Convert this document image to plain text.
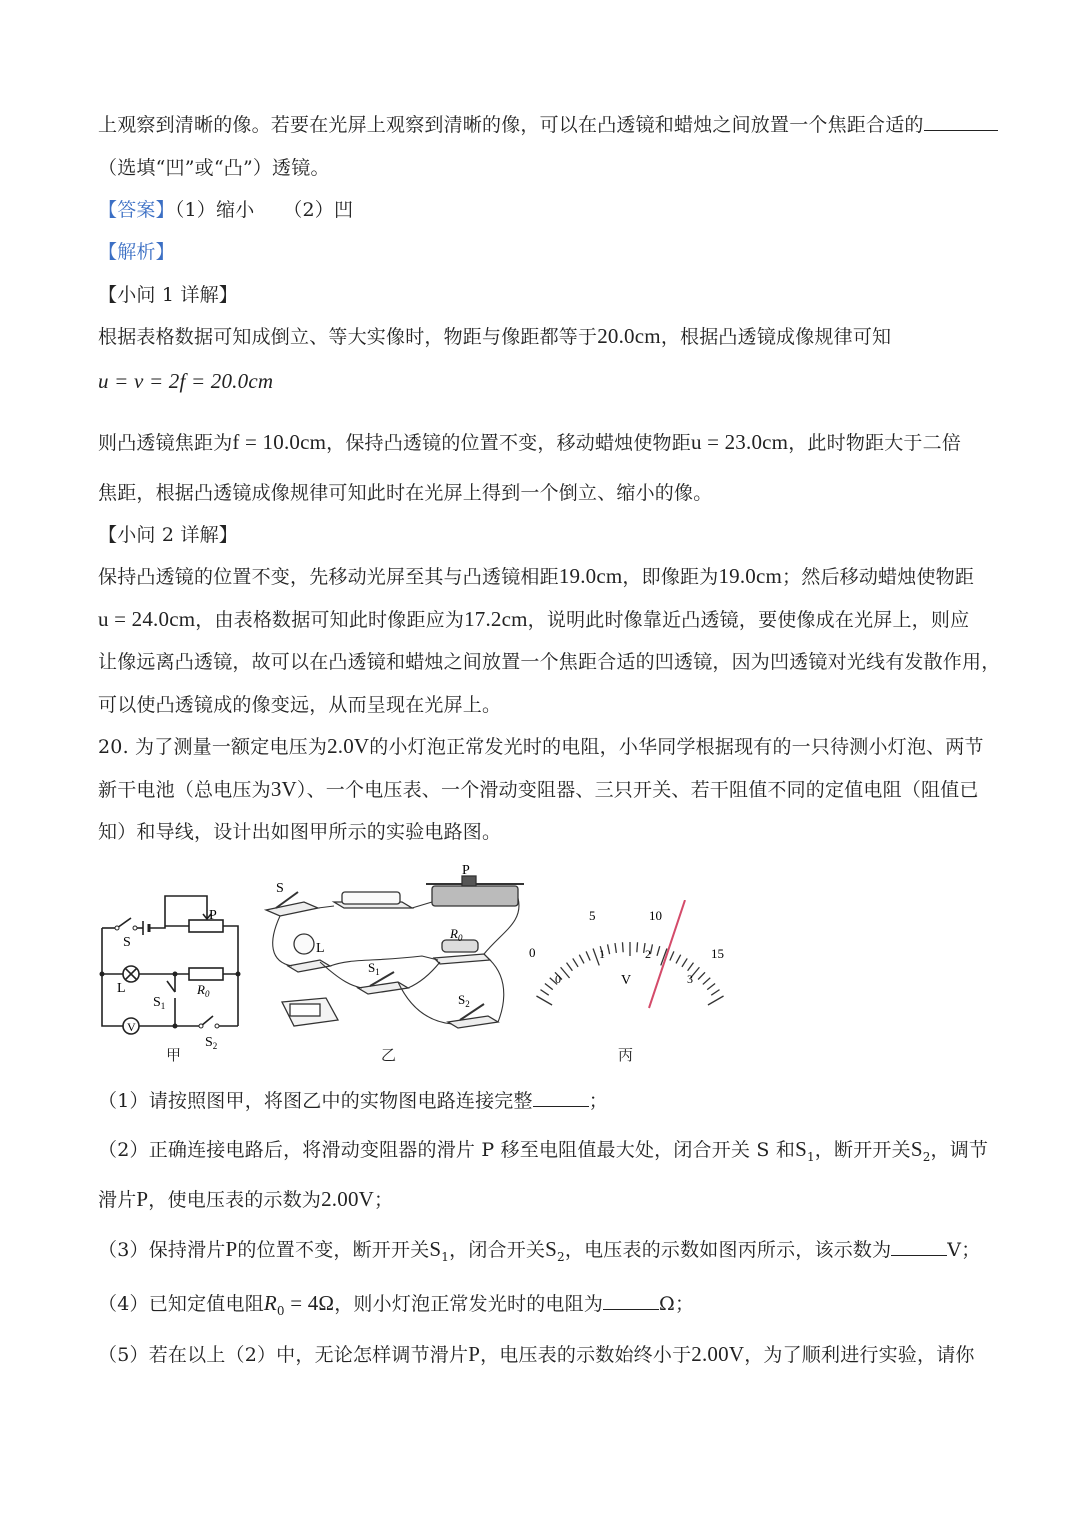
上观察到清晰的像。若要在光屏上观察到清晰的像，可以在凸透镜和蜡烛之间放置一个焦距合适的
（选填“凹”或“凸”）透镜。
【答案】（1）缩小　　（2）凹
【解析】
【小问 1 详解】
根据表格数据可知成倒立、等大实像时，物距与像距都等于20.0cm，根据凸透镜成像规律可知
u = v = 2f = 20.0cm
则凸透镜焦距为f = 10.0cm，保持凸透镜的位置不变，移动蜡烛使物距u = 23.0cm，此时物距大于二倍
焦距，根据凸透镜成像规律可知此时在光屏上得到一个倒立、缩小的像。
【小问 2 详解】
保持凸透镜的位置不变，先移动光屏至其与凸透镜相距19.0cm，即像距为19.0cm；然后移动蜡烛使物距
u = 24.0cm，由表格数据可知此时像距应为17.2cm，说明此时像靠近凸透镜，要使像成在光屏上，则应
让像远离凸透镜，故可以在凸透镜和蜡烛之间放置一个焦距合适的凹透镜，因为凹透镜对光线有发散作用，
可以使凸透镜成的像变远，从而呈现在光屏上。
20. 为了测量一额定电压为2.0V的小灯泡正常发光时的电阻，小华同学根据现有的一只待测小灯泡、两节
新干电池（总电压为3V）、一个电压表、一个滑动变阻器、三只开关、若干阻值不同的定值电阻（阻值已
知）和导线，设计出如图甲所示的实验电路图。
S
P
L
$S_1$
$R_0$
V
$S_2$
甲
S
P
L
$R_0$
$S_1$
$S_2$
乙
0
5	10
15
0
1	2
3
V
丙
（1）请按照图甲，将图乙中的实物图电路连接完整	；
（2）正确连接电路后，将滑动变阻器的滑片 P 移至电阻值最大处，闭合开关 S 和$S_1$，断开开关$S_2$，调节
滑片P，使电压表的示数为2.00V；
（3）保持滑片P的位置不变，断开开关$S_1$，闭合开关$S_2$，电压表的示数如图丙所示，该示数为	V；
（4）已知定值电阻$R_0 = 4\Omega$，则小灯泡正常发光时的电阻为	Ω；
（5）若在以上（2）中，无论怎样调节滑片P，电压表的示数始终小于2.00V，为了顺利进行实验，请你
